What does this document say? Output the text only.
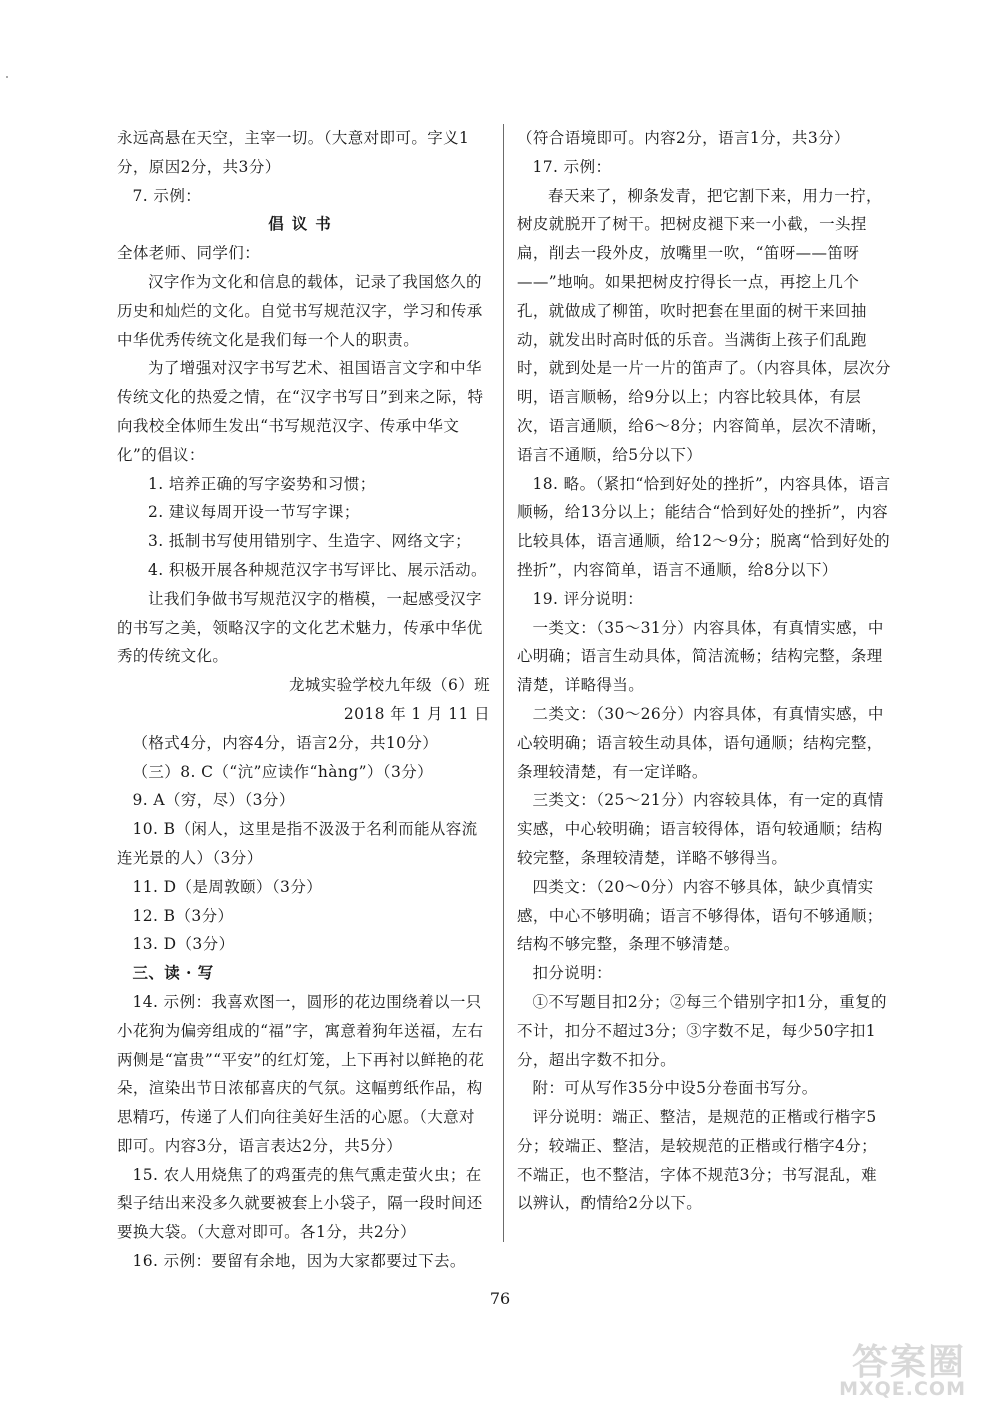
永远高悬在天空，主宰一切。（大意对即可。字义1分，原因2分，共3分）

7. 示例：

倡议书

全体老师、同学们：

汉字作为文化和信息的载体，记录了我国悠久的历史和灿烂的文化。自觉书写规范汉字，学习和传承中华优秀传统文化是我们每一个人的职责。

为了增强对汉字书写艺术、祖国语言文字和中华传统文化的热爱之情，在“汉字书写日”到来之际，特向我校全体师生发出“书写规范汉字、传承中华文化”的倡议：

1. 培养正确的写字姿势和习惯；

2. 建议每周开设一节写字课；

3. 抵制书写使用错别字、生造字、网络文字；

4. 积极开展各种规范汉字书写评比、展示活动。

让我们争做书写规范汉字的楷模，一起感受汉字的书写之美，领略汉字的文化艺术魅力，传承中华优秀的传统文化。

龙城实验学校九年级（6）班

2018 年 1 月 11 日

（格式4分，内容4分，语言2分，共10分）

（三）8. C（“沆”应读作“hàng”）（3分）

9. A（穷，尽）（3分）

10. B（闲人，这里是指不汲汲于名利而能从容流连光景的人）（3分）

11. D（是周敦颐）（3分）

12. B（3分）

13. D（3分）

三、读 · 写

14. 示例：我喜欢图一，圆形的花边围绕着以一只小花狗为偏旁组成的“福”字，寓意着狗年送福，左右两侧是“富贵”“平安”的红灯笼，上下再衬以鲜艳的花朵，渲染出节日浓郁喜庆的气氛。这幅剪纸作品，构思精巧，传递了人们向往美好生活的心愿。（大意对即可。内容3分，语言表达2分，共5分）

15. 农人用烧焦了的鸡蛋壳的焦气熏走萤火虫；在梨子结出来没多久就要被套上小袋子，隔一段时间还要换大袋。（大意对即可。各1分，共2分）

16. 示例：要留有余地，因为大家都要过下去。

（符合语境即可。内容2分，语言1分，共3分）

17. 示例：

春天来了，柳条发青，把它割下来，用力一拧，树皮就脱开了树干。把树皮褪下来一小截，一头捏扁，削去一段外皮，放嘴里一吹，“笛呀——笛呀——”地响。如果把树皮拧得长一点，再挖上几个孔，就做成了柳笛，吹时把套在里面的树干来回抽动，就发出时高时低的乐音。当满街上孩子们乱跑时，就到处是一片一片的笛声了。（内容具体，层次分明，语言顺畅，给9分以上；内容比较具体，有层次，语言通顺，给6～8分；内容简单，层次不清晰，语言不通顺，给5分以下）

18. 略。（紧扣“恰到好处的挫折”，内容具体，语言顺畅，给13分以上；能结合“恰到好处的挫折”，内容比较具体，语言通顺，给12～9分；脱离“恰到好处的挫折”，内容简单，语言不通顺，给8分以下）

19. 评分说明：

一类文：（35～31分）内容具体，有真情实感，中心明确；语言生动具体，简洁流畅；结构完整，条理清楚，详略得当。

二类文：（30～26分）内容具体，有真情实感，中心较明确；语言较生动具体，语句通顺；结构完整，条理较清楚，有一定详略。

三类文：（25～21分）内容较具体，有一定的真情实感，中心较明确；语言较得体，语句较通顺；结构较完整，条理较清楚，详略不够得当。

四类文：（20～0分）内容不够具体，缺少真情实感，中心不够明确；语言不够得体，语句不够通顺；结构不够完整，条理不够清楚。

扣分说明：

①不写题目扣2分；②每三个错别字扣1分，重复的不计，扣分不超过3分；③字数不足，每少50字扣1分，超出字数不扣分。

附：可从写作35分中设5分卷面书写分。

评分说明：端正、整洁，是规范的正楷或行楷字5分；较端正、整洁，是较规范的正楷或行楷字4分；不端正，也不整洁，字体不规范3分；书写混乱，难以辨认，酌情给2分以下。

76
答案圈
MXQE.COM
